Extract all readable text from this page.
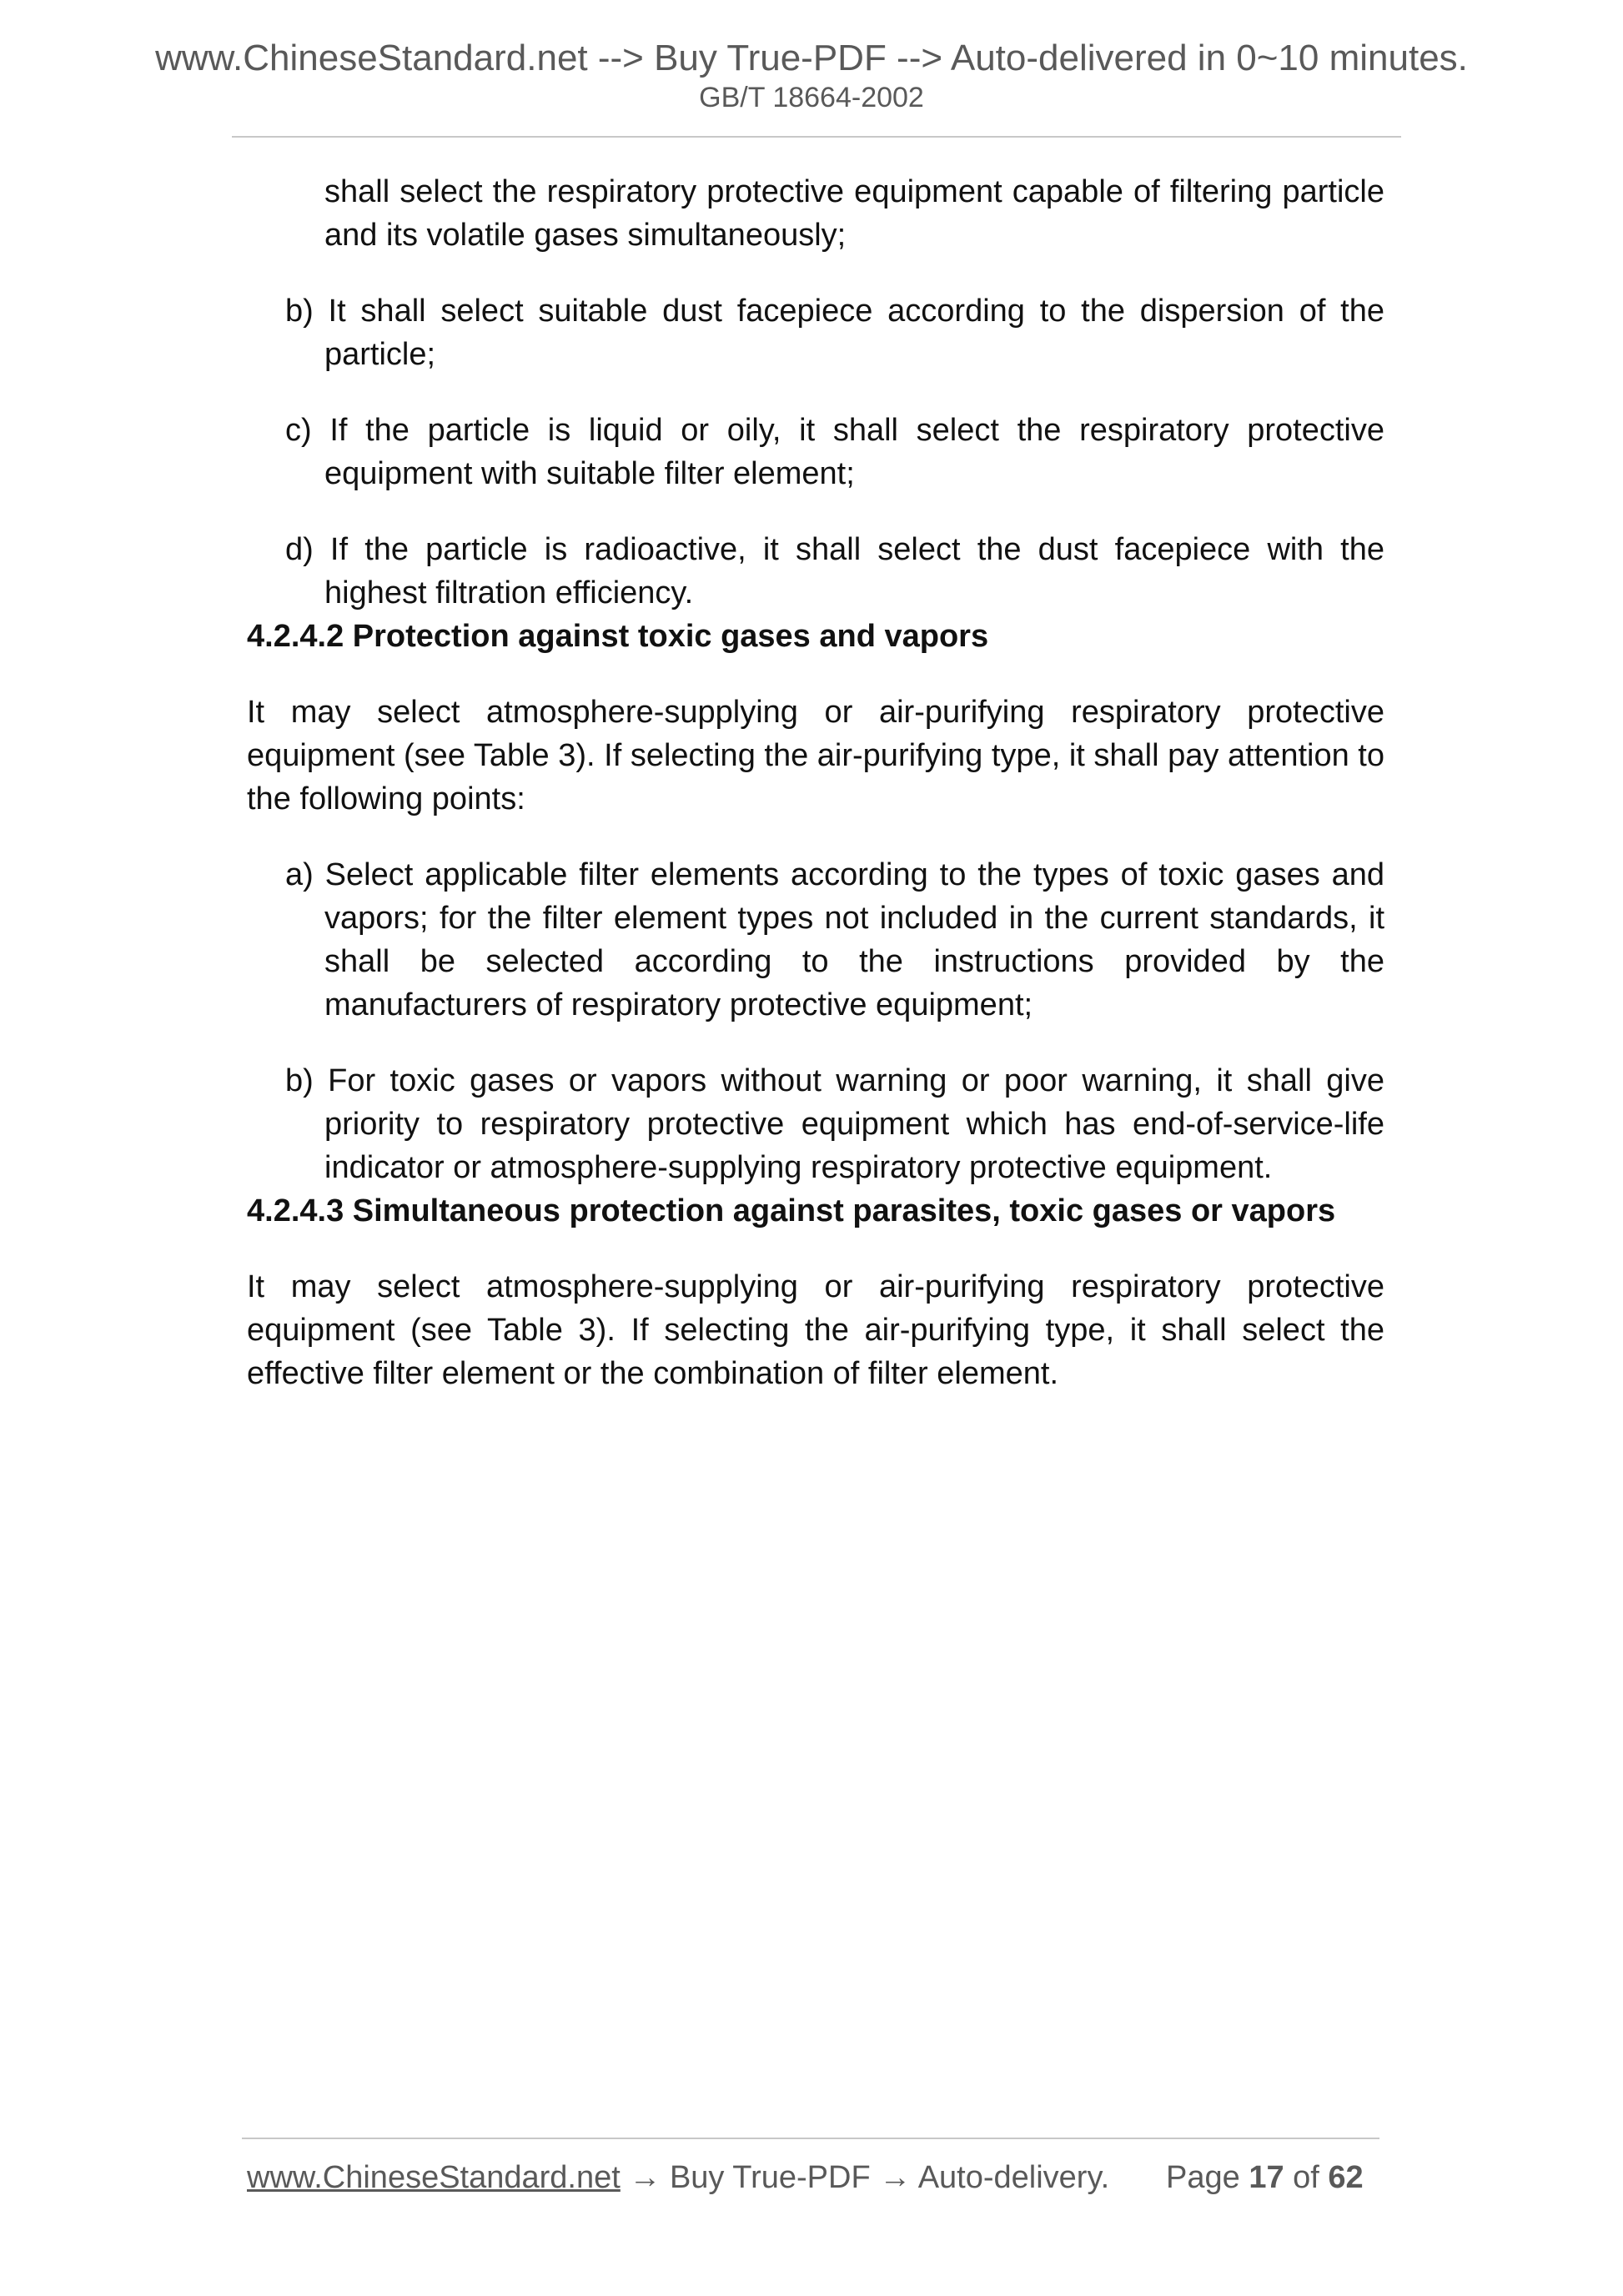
www.ChineseStandard.net --> Buy True-PDF --> Auto-delivered in 0~10 minutes.
GB/T 18664-2002

shall select the respiratory protective equipment capable of filtering particle and its volatile gases simultaneously;

b) It shall select suitable dust facepiece according to the dispersion of the particle;

c) If the particle is liquid or oily, it shall select the respiratory protective equipment with suitable filter element;

d) If the particle is radioactive, it shall select the dust facepiece with the highest filtration efficiency.

4.2.4.2 Protection against toxic gases and vapors

It may select atmosphere-supplying or air-purifying respiratory protective equipment (see Table 3). If selecting the air-purifying type, it shall pay attention to the following points:

a) Select applicable filter elements according to the types of toxic gases and vapors; for the filter element types not included in the current standards, it shall be selected according to the instructions provided by the manufacturers of respiratory protective equipment;

b) For toxic gases or vapors without warning or poor warning, it shall give priority to respiratory protective equipment which has end-of-service-life indicator or atmosphere-supplying respiratory protective equipment.

4.2.4.3 Simultaneous protection against parasites, toxic gases or vapors

It may select atmosphere-supplying or air-purifying respiratory protective equipment (see Table 3). If selecting the air-purifying type, it shall select the effective filter element or the combination of filter element.

www.ChineseStandard.net → Buy True-PDF → Auto-delivery. Page 17 of 62
